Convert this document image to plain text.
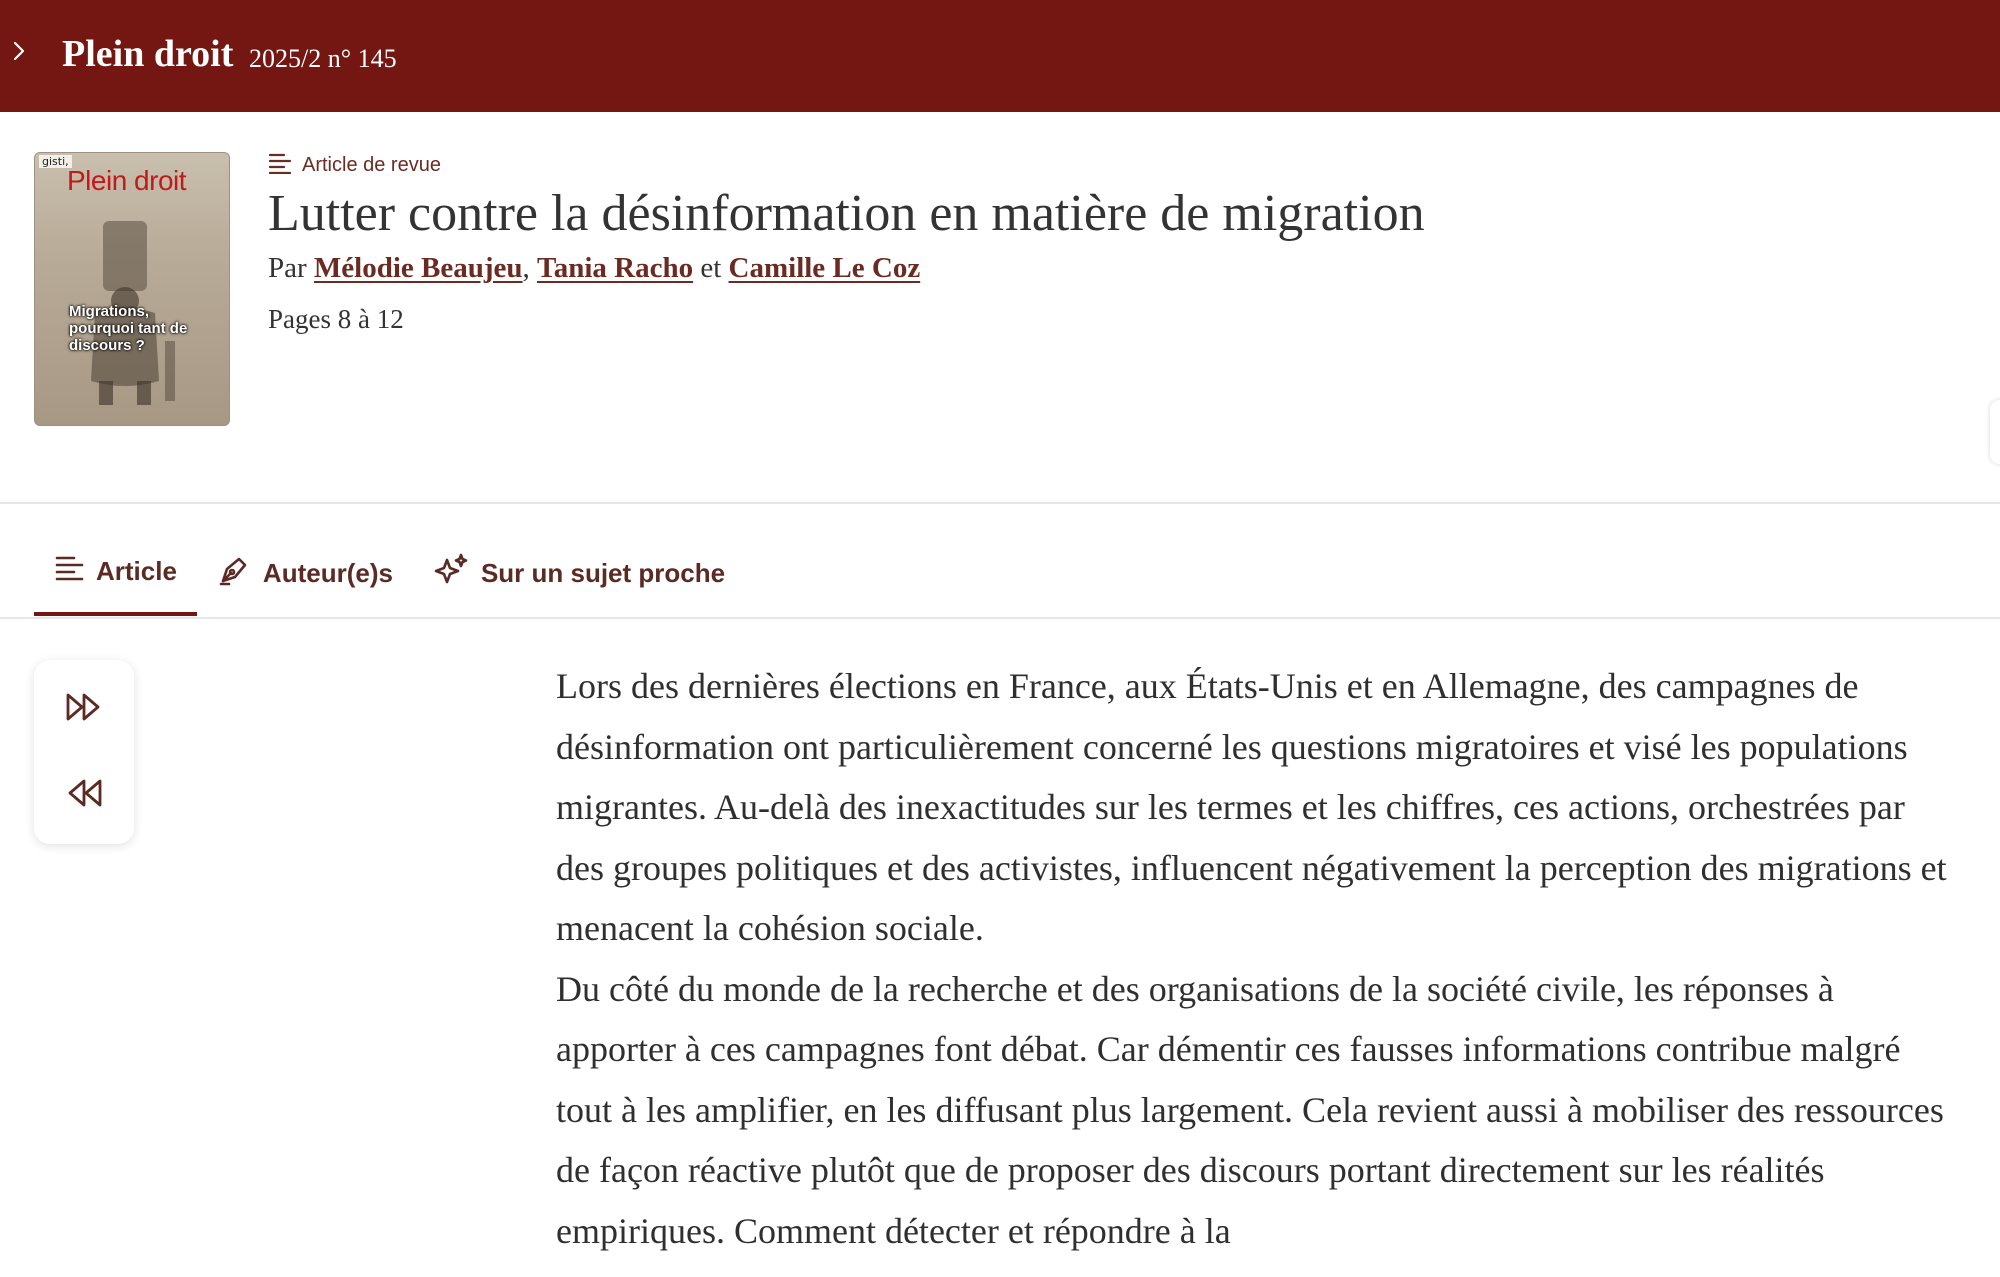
Plein droit 2025/2 n° 145
gisti,
Plein droit
Migrations, pourquoi tant de discours ?
Article de revue
Lutter contre la désinformation en matière de migration
Par Mélodie Beaujeu, Tania Racho et Camille Le Coz
Pages 8 à 12
Article	Auteur(e)s	Sur un sujet proche

Lors des dernières élections en France, aux États-Unis et en Allemagne, des campagnes de désinformation ont particulièrement concerné les questions migratoires et visé les populations migrantes. Au-delà des inexactitudes sur les termes et les chiffres, ces actions, orchestrées par des groupes politiques et des activistes, influencent négativement la perception des migrations et menacent la cohésion sociale.

Du côté du monde de la recherche et des organisations de la société civile, les réponses à apporter à ces campagnes font débat. Car démentir ces fausses informations contribue malgré tout à les amplifier, en les diffusant plus largement. Cela revient aussi à mobiliser des ressources de façon réactive plutôt que de proposer des discours portant directement sur les réalités empiriques. Comment détecter et répondre à la
